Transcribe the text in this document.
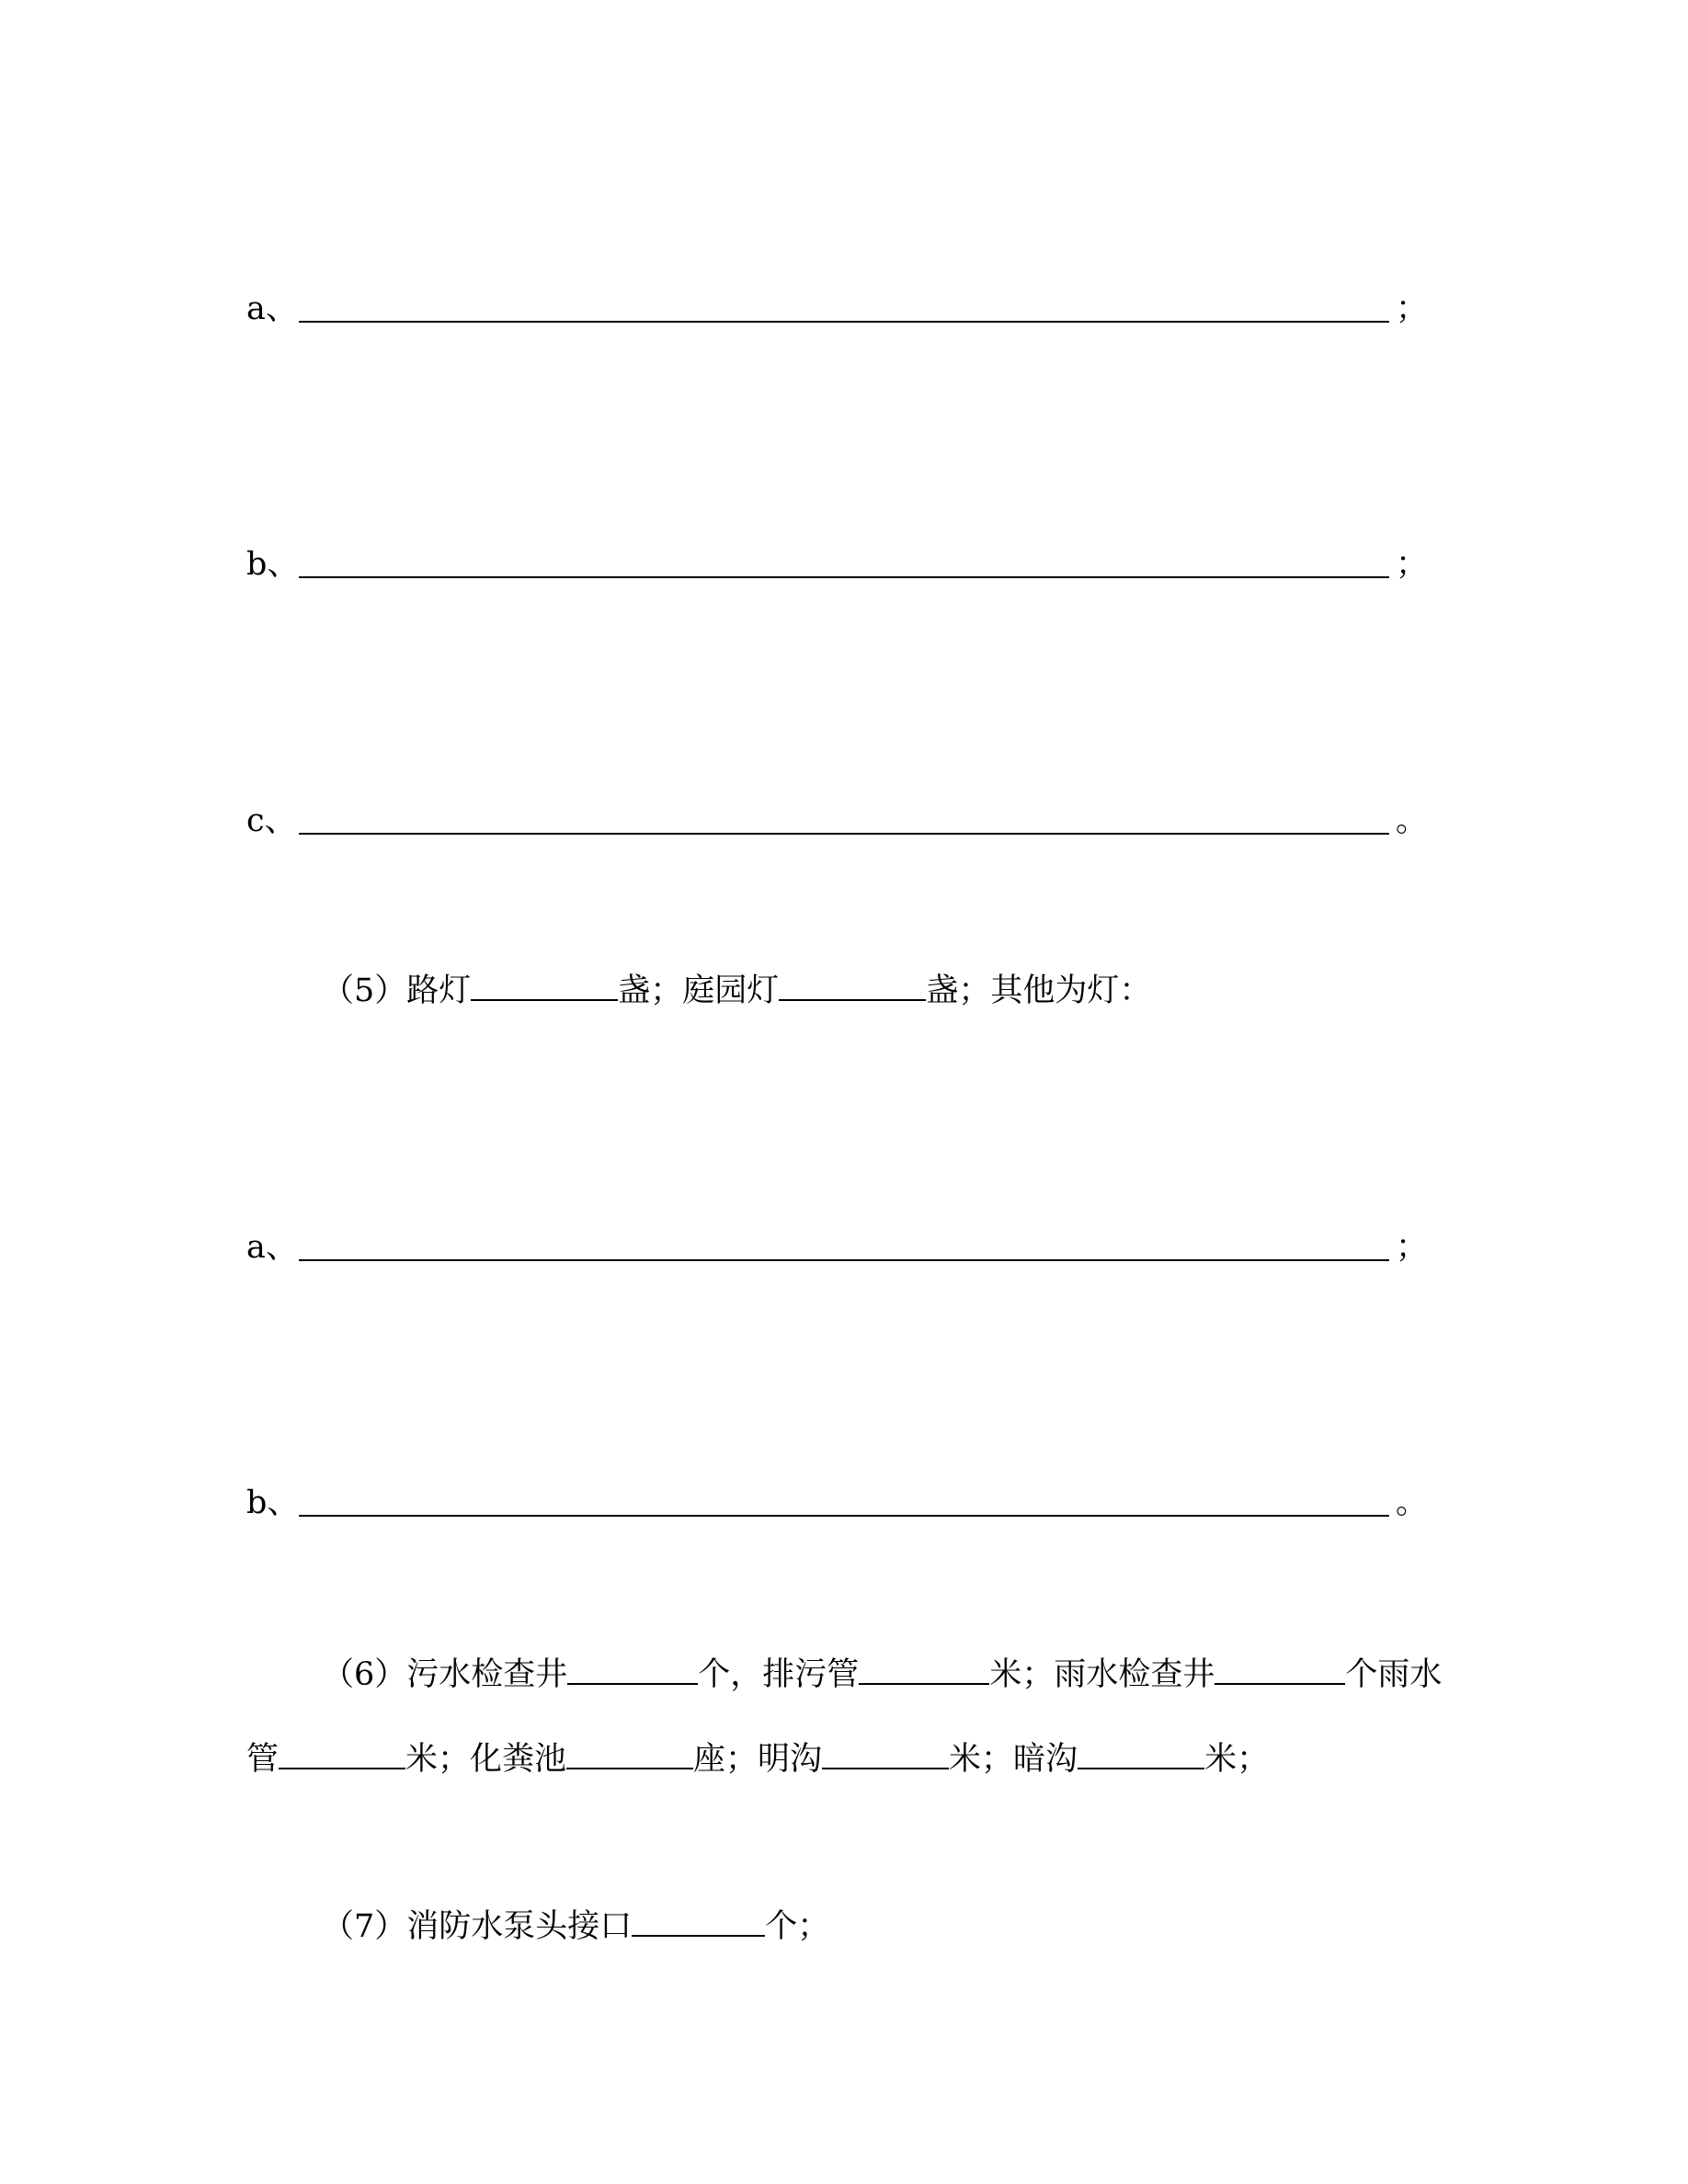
a、	；
b、	；
c、	。
（5）路灯	盏；庭园灯	盏；其他为灯：
a、	；
b、	。
（6）污水检查井	个，排污管	米；雨水检查井	个雨水
管	米；化粪池	座；明沟	米；暗沟	米；
（7）消防水泵头接口	个；
